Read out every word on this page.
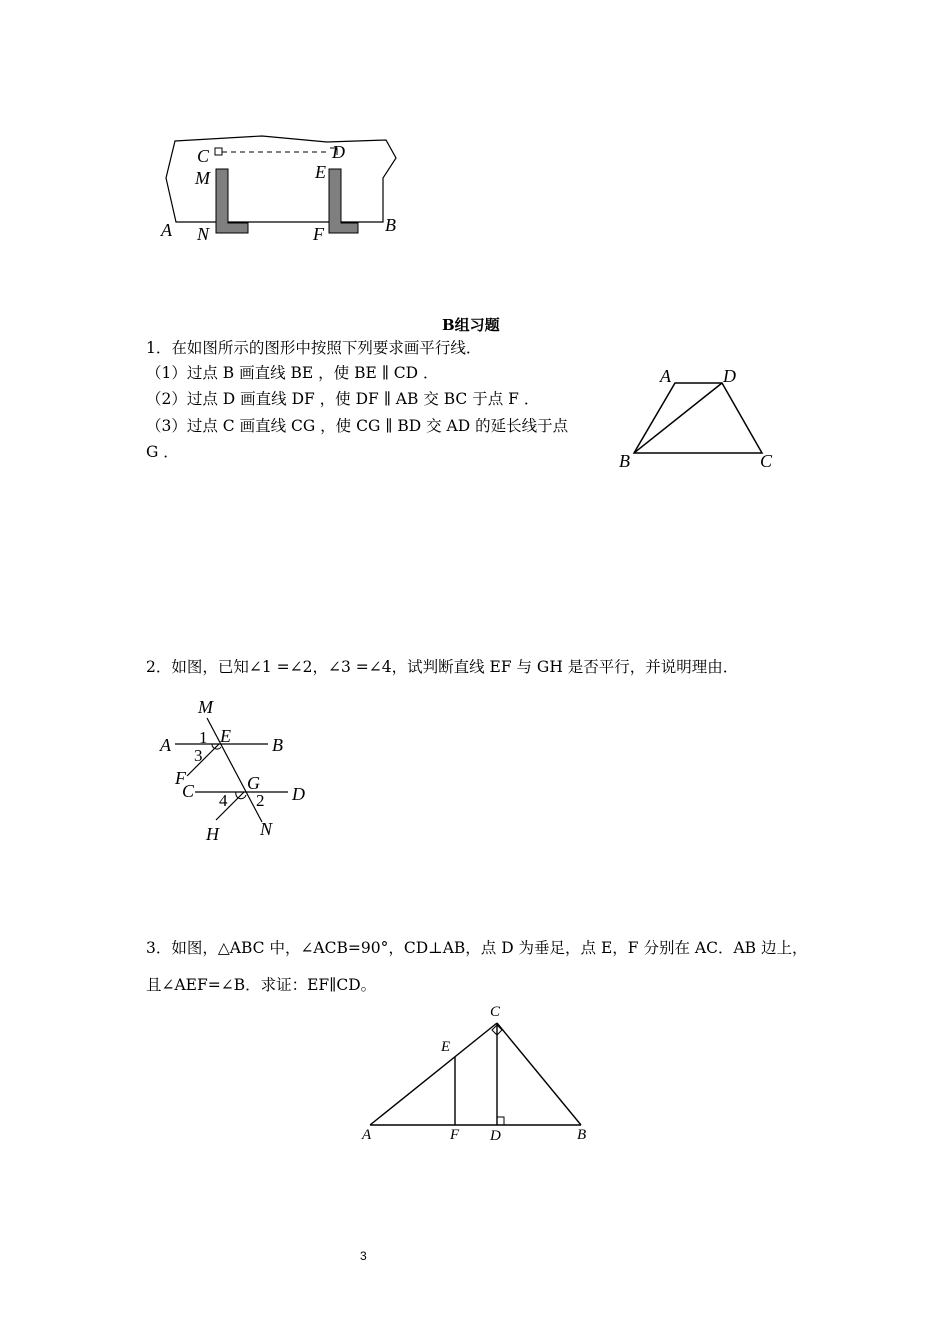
C	D
M	E
A N	F	B
B组习题
1．在如图所示的图形中按照下列要求画平行线．
（1）过点 B 画直线 BE ，使 BE ∥ CD ．
（2）过点 D 画直线 DF ，使 DF ∥ AB 交 BC 于点 F ．
（3）过点 C 画直线 CG ，使 CG ∥ BD 交 AD 的延长线于点
G ．
A	D
B	C
2．如图，已知∠1 =∠2，∠3 =∠4，试判断直线 EF 与 GH 是否平行，并说明理由．
M
A 1 E B
3
F	G
C	D
4 2
H N
3．如图，△ABC 中，∠ACB=90°，CD⊥AB，点 D 为垂足，点 E，F 分别在 AC．AB 边上，
且∠AEF=∠B．求证：EF∥CD。
C
E
A	F D	B
3
